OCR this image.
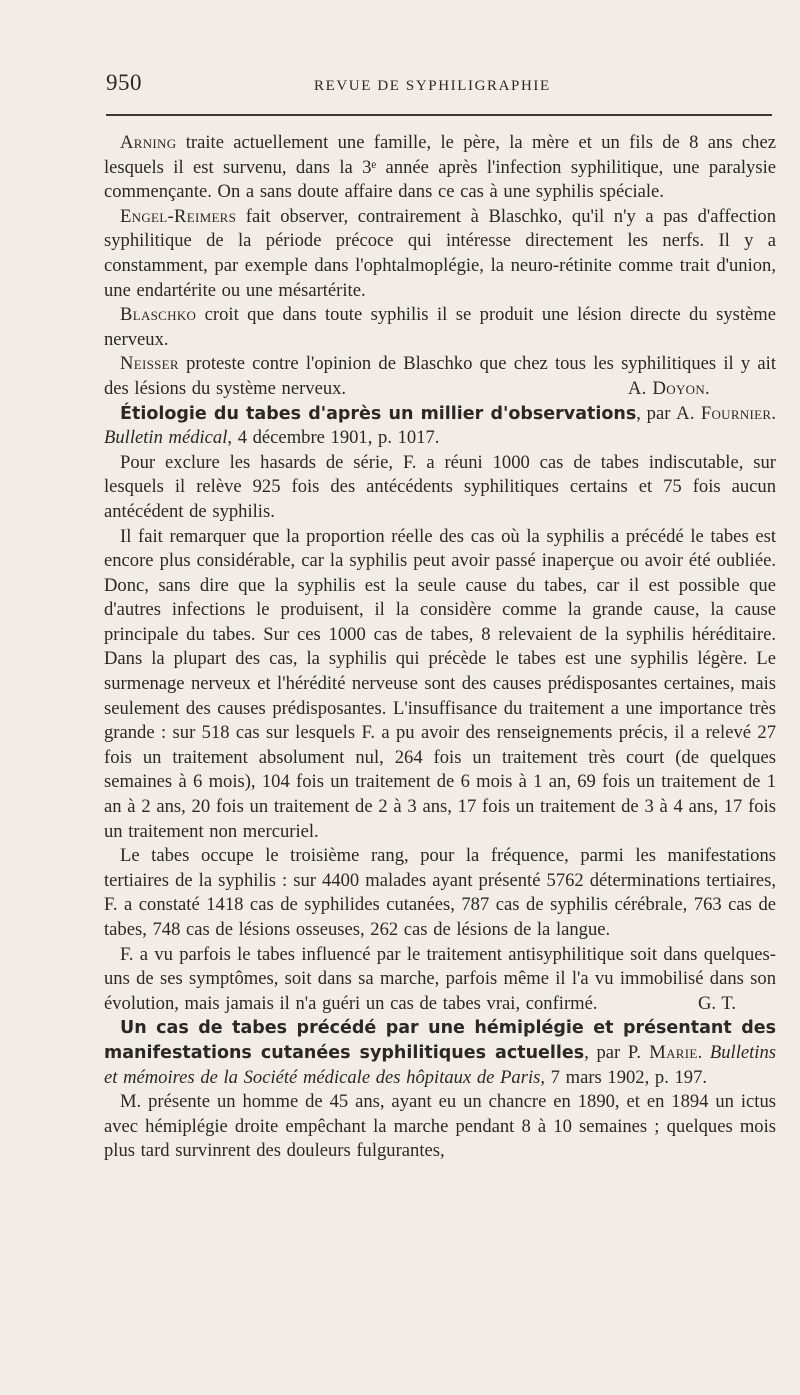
950	REVUE DE SYPHILIGRAPHIE

Arning traite actuellement une famille, le père, la mère et un fils de 8 ans chez lesquels il est survenu, dans la 3ᵉ année après l'infection syphilitique, une paralysie commençante. On a sans doute affaire dans ce cas à une syphilis spéciale.

Engel-Reimers fait observer, contrairement à Blaschko, qu'il n'y a pas d'affection syphilitique de la période précoce qui intéresse directement les nerfs. Il y a constamment, par exemple dans l'ophtalmoplégie, la neuro-rétinite comme trait d'union, une endartérite ou une mésartérite.

Blaschko croit que dans toute syphilis il se produit une lésion directe du système nerveux.

Neisser proteste contre l'opinion de Blaschko que chez tous les syphilitiques il y ait des lésions du système nerveux.	A. Doyon.

Étiologie du tabes d'après un millier d'observations, par A. Fournier. Bulletin médical, 4 décembre 1901, p. 1017.

Pour exclure les hasards de série, F. a réuni 1000 cas de tabes indiscutable, sur lesquels il relève 925 fois des antécédents syphilitiques certains et 75 fois aucun antécédent de syphilis.

Il fait remarquer que la proportion réelle des cas où la syphilis a précédé le tabes est encore plus considérable, car la syphilis peut avoir passé inaperçue ou avoir été oubliée. Donc, sans dire que la syphilis est la seule cause du tabes, car il est possible que d'autres infections le produisent, il la considère comme la grande cause, la cause principale du tabes. Sur ces 1000 cas de tabes, 8 relevaient de la syphilis héréditaire. Dans la plupart des cas, la syphilis qui précède le tabes est une syphilis légère. Le surmenage nerveux et l'hérédité nerveuse sont des causes prédisposantes certaines, mais seulement des causes prédisposantes. L'insuffisance du traitement a une importance très grande : sur 518 cas sur lesquels F. a pu avoir des renseignements précis, il a relevé 27 fois un traitement absolument nul, 264 fois un traitement très court (de quelques semaines à 6 mois), 104 fois un traitement de 6 mois à 1 an, 69 fois un traitement de 1 an à 2 ans, 20 fois un traitement de 2 à 3 ans, 17 fois un traitement de 3 à 4 ans, 17 fois un traitement non mercuriel.

Le tabes occupe le troisième rang, pour la fréquence, parmi les manifestations tertiaires de la syphilis : sur 4400 malades ayant présenté 5762 déterminations tertiaires, F. a constaté 1418 cas de syphilides cutanées, 787 cas de syphilis cérébrale, 763 cas de tabes, 748 cas de lésions osseuses, 262 cas de lésions de la langue.

F. a vu parfois le tabes influencé par le traitement antisyphilitique soit dans quelques-uns de ses symptômes, soit dans sa marche, parfois même il l'a vu immobilisé dans son évolution, mais jamais il n'a guéri un cas de tabes vrai, confirmé.	G. T.

Un cas de tabes précédé par une hémiplégie et présentant des manifestations cutanées syphilitiques actuelles, par P. Marie. Bulletins et mémoires de la Société médicale des hôpitaux de Paris, 7 mars 1902, p. 197.

M. présente un homme de 45 ans, ayant eu un chancre en 1890, et en 1894 un ictus avec hémiplégie droite empêchant la marche pendant 8 à 10 semaines ; quelques mois plus tard survinrent des douleurs fulgurantes,
